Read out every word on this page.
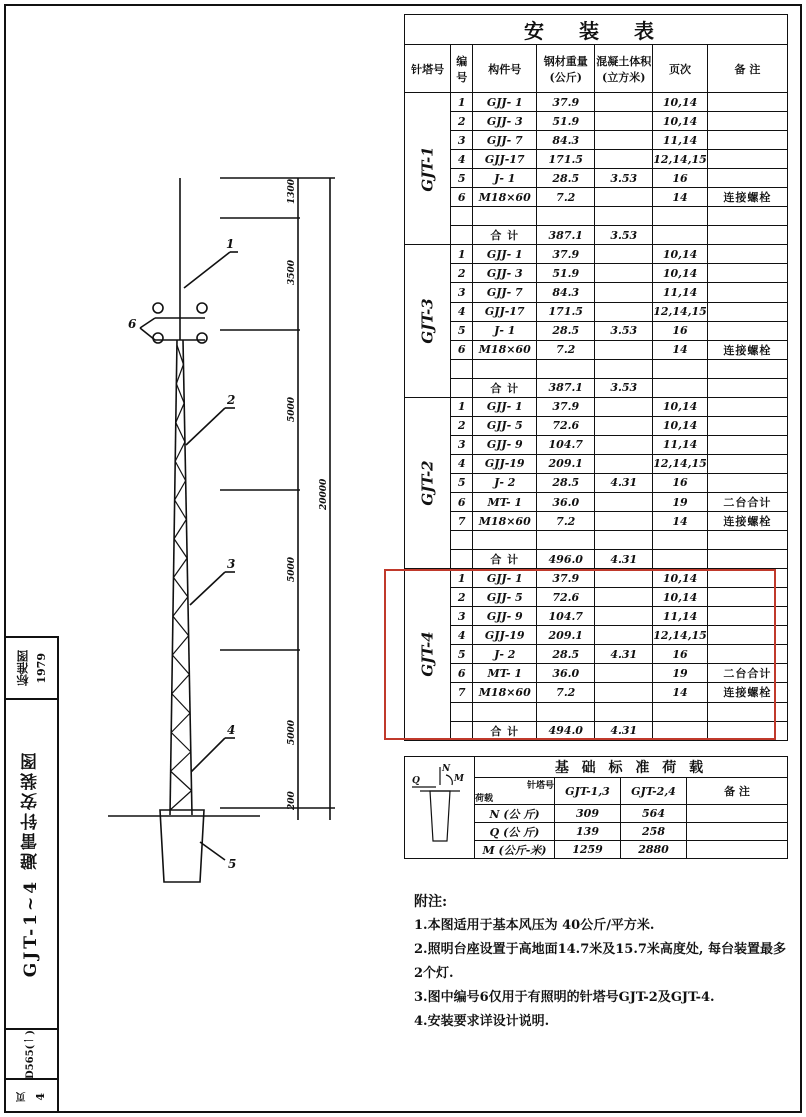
1
2
3
4
5
6
1300
3500
5000
5000
5000
200
20000
安 装 表						
针塔号	编号	构件号	钢材重量 (公斤)	混凝土体积 (立方米)	页次	备 注
GJT-1	1	GJJ- 1	37.9		10,14	
	2	GJJ- 3	51.9		10,14	
	3	GJJ- 7	84.3		11,14	
	4	GJJ-17	171.5		12,14,15	
	5	J- 1	28.5	3.53	16	
	6	M18×60	7.2		14	连接螺栓

		合 计	387.1	3.53		
GJT-3	1	GJJ- 1	37.9		10,14	
	2	GJJ- 3	51.9		10,14	
	3	GJJ- 7	84.3		11,14	
	4	GJJ-17	171.5		12,14,15	
	5	J- 1	28.5	3.53	16	
	6	M18×60	7.2		14	连接螺栓

		合 计	387.1	3.53		
GJT-2	1	GJJ- 1	37.9		10,14	
	2	GJJ- 5	72.6		10,14	
	3	GJJ- 9	104.7		11,14	
	4	GJJ-19	209.1		12,14,15	
	5	J- 2	28.5	4.31	16	
	6	MT- 1	36.0		19	二台合计
	7	M18×60	7.2		14	连接螺栓

		合 计	496.0	4.31		
GJT-4	1	GJJ- 1	37.9		10,14	
	2	GJJ- 5	72.6		10,14	
	3	GJJ- 9	104.7		11,14	
	4	GJJ-19	209.1		12,14,15	
	5	J- 2	28.5	4.31	16	
	6	MT- 1	36.0		19	二台合计
	7	M18×60	7.2		14	连接螺栓

		合 计	494.0	4.31		
N
M
Q	基 础 标 准 荷 载			

	针塔号
荷载	GJT-1,3	GJT-2,4	备 注
	N (公 斤)	309	564	
	Q (公 斤)	139	258	
	M (公斤-米)	1259	2880	
附注:
1.本图适用于基本风压为 40公斤/平方米.
2.照明台座设置于高地面14.7米及15.7米高度处, 每台装置最多2个灯.
3.图中编号6仅用于有照明的针塔号GJT-2及GJT-4.
4.安装要求详设计说明.
标准图 1979
GJT-1~4 避雷针安装图
D565(一)
页 4
